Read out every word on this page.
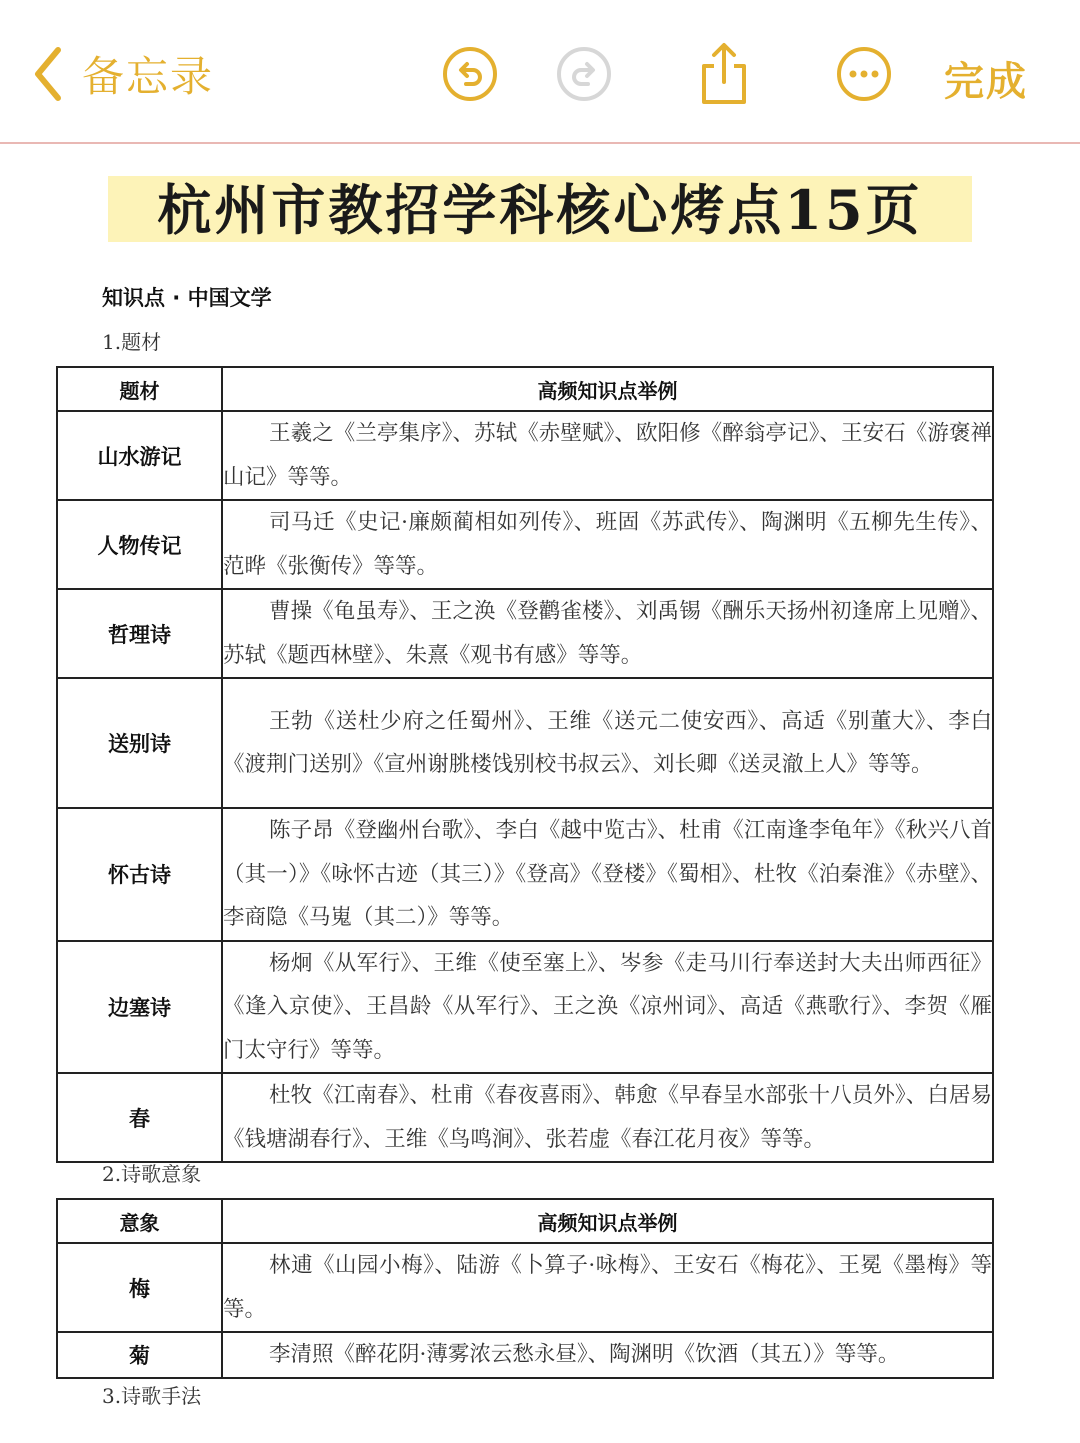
备忘录	完成
杭州市教招学科核心烤点15页
知识点 · 中国文学
1.题材
题材	高频知识点举例
山水游记	王羲之《兰亭集序》、苏轼《赤壁赋》、欧阳修《醉翁亭记》、王安石《游褒禅山记》等等。
人物传记	司马迁《史记·廉颇蔺相如列传》、班固《苏武传》、陶渊明《五柳先生传》、范晔《张衡传》等等。
哲理诗	曹操《龟虽寿》、王之涣《登鹳雀楼》、刘禹锡《酬乐天扬州初逢席上见赠》、苏轼《题西林壁》、朱熹《观书有感》等等。
送别诗	王勃《送杜少府之任蜀州》、王维《送元二使安西》、高适《别董大》、李白《渡荆门送别》《宣州谢朓楼饯别校书叔云》、刘长卿《送灵澈上人》等等。
怀古诗	陈子昂《登幽州台歌》、李白《越中览古》、杜甫《江南逢李龟年》《秋兴八首（其一）》《咏怀古迹（其三）》《登高》《登楼》《蜀相》、杜牧《泊秦淮》《赤壁》、李商隐《马嵬（其二）》等等。
边塞诗	杨炯《从军行》、王维《使至塞上》、岑参《走马川行奉送封大夫出师西征》《逢入京使》、王昌龄《从军行》、王之涣《凉州词》、高适《燕歌行》、李贺《雁门太守行》等等。
春	杜牧《江南春》、杜甫《春夜喜雨》、韩愈《早春呈水部张十八员外》、白居易《钱塘湖春行》、王维《鸟鸣涧》、张若虚《春江花月夜》等等。
2.诗歌意象
意象	高频知识点举例
梅	林逋《山园小梅》、陆游《卜算子·咏梅》、王安石《梅花》、王冕《墨梅》等等。
菊	李清照《醉花阴·薄雾浓云愁永昼》、陶渊明《饮酒（其五）》等等。
3.诗歌手法
